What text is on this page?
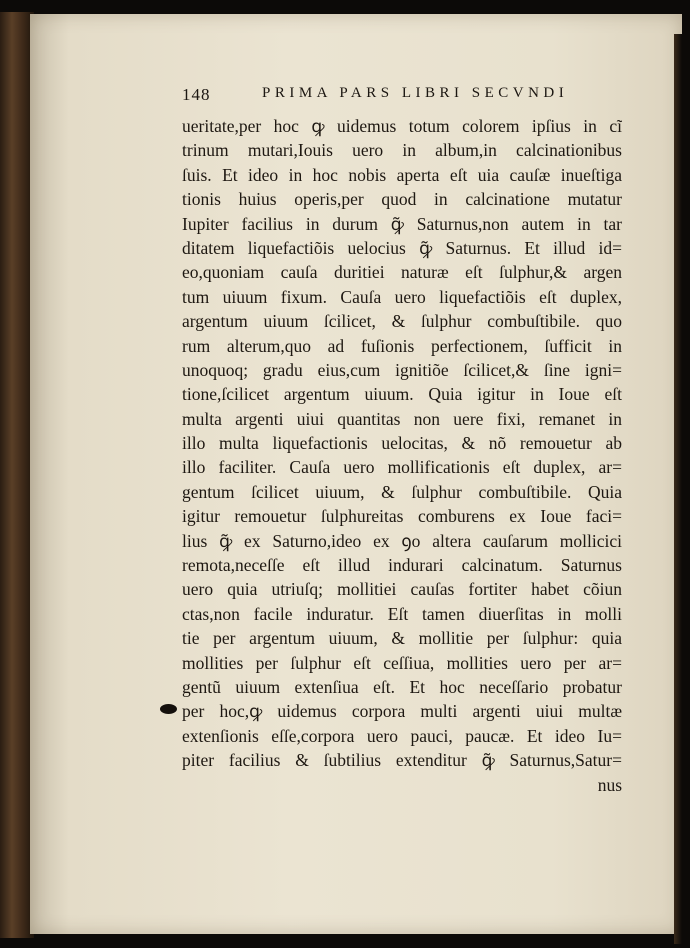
148	PRIMA PARS LIBRI SECVNDI
ueritate,per hoc ꝙ uidemus totum colorem ipſius in cĩ
trinum mutari,Iouis uero in album,in calcinationibus
ſuis. Et ideo in hoc nobis aperta eſt uia cauſæ inueſtiga
tionis huius operis,per quod in calcinatione mutatur
Iupiter facilius in durum ꝙ̃ Saturnus,non autem in tar
ditatem liquefactiõis uelocius ꝙ̃ Saturnus. Et illud id=
eo,quoniam cauſa duritiei naturæ eſt ſulphur,& argen
tum uiuum fixum. Cauſa uero liquefactiõis eſt duplex,
argentum uiuum ſcilicet, & ſulphur combuſtibile. quo
rum alterum,quo ad fuſionis perfectionem, ſufficit in
unoquoq; gradu eius,cum ignitiõe ſcilicet,& ſine igni=
tione,ſcilicet argentum uiuum. Quia igitur in Ioue eſt
multa argenti uiui quantitas non uere fixi, remanet in
illo multa liquefactionis uelocitas, & nõ remouetur ab
illo faciliter. Cauſa uero mollificationis eſt duplex, ar=
gentum ſcilicet uiuum, & ſulphur combuſtibile. Quia
igitur remouetur ſulphureitas comburens ex Ioue faci=
lius ꝙ̃ ex Saturno,ideo ex ꝯo altera cauſarum mollicici
remota,neceſſe eſt illud indurari calcinatum. Saturnus
uero quia utriuſq; mollitiei cauſas fortiter habet cõiun
ctas,non facile induratur. Eſt tamen diuerſitas in molli
tie per argentum uiuum, & mollitie per ſulphur: quia
mollities per ſulphur eſt ceſſiua, mollities uero per ar=
gentũ uiuum extenſiua eſt. Et hoc neceſſario probatur
per hoc,ꝙ uidemus corpora multi argenti uiui multæ
extenſionis eſſe,corpora uero pauci, paucæ. Et ideo Iu=
piter facilius & ſubtilius extenditur ꝙ̃ Saturnus,Satur=
nus
